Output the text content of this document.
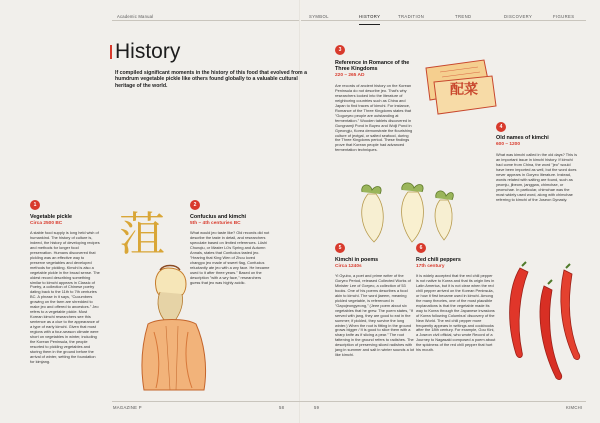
Academic Manual	SYMBOL	HISTORY	TRADITION	TREND	DISCOVERY	FIGURES
History

If compiled significant moments in the history of this food that evolved from a humdrum vegetable pickle like others found globally to a valuable cultural heritage of the world.

1
Vegetable pickle
Circa 2500 BC
A stable food supply is long held wish of humankind. The history of culture is, indeed, the history of developing recipes and methods for longer food preservation. Humans discovered that pickling was an effective way to preserve vegetables and developed methods for pickling. Kimchi is also a vegetable pickle in the broad sense. The oldest record describing something similar to kimchi appears in Classic of Poetry, a collection of Chinese poetry dating back to the 11th to 7th centuries BC. A phrase in it says, "Cucumbers growing on the farm are shredded to make jeo and offered to ancestors." Jeo refers to a vegetable pickle. Most Korean kimchi researchers see this sentence as a clue to the appearance of a type of early kimchi. Given that most regions with a four-season climate were short on vegetables in winter, including the Korean Peninsula, the people resorted to pickling vegetables and storing them in the ground before the arrival of winter, setting the foundation for kimjang.
菹
2
Confucius and kimchi
5th – 4th centuries BC
What would jeo taste like? Old records did not describe the taste in detail, and researchers speculate based on limited references. Lüshi Chunqiu, or Master Lü's Spring and Autumn Annals, states that Confucius tasted jeo. "Hearing that King Wen of Zhou loved changpo jeo made of sweet flag, Confucius reluctantly ate jeo with a wry face. He became used to it after three years." Based on the description "with a wry face," researchers guess that jeo was highly acidic.
3
Reference in Romance of the Three Kingdoms
220 – 265 AD
Are records of ancient history on the Korean Peninsula do not describe jeo. That's why researchers looked into the literature of neighboring countries such as China and Japan to find traces of kimchi. For instance, Romance of the Three Kingdoms states that "Goguryeo people are outstanding at fermentation." Wooden tablets discovered in Gungnamji Pond in Buyeo and Wolji Pond in Gyeongju, Korea demonstrate the flourishing culture of jeotgal, or salted seafood, during the Three Kingdoms period. These findings prove that Korean people had advanced fermentation techniques.
配菜
4
Old names of kimchi
600 – 1200
What was kimchi called in the old days? This is an important issue in kimchi history. If kimchi had come from China, the word "jeo" would have been imported as well, but the word does never appears in Goryeo literature. Instead, words related with salting are found, such as yeomju, jibeom, janggwa, chimchae, or yeomchae. In particular, chimchae was the most widely used word, along with chimchae referring to kimchi of the Joseon Dynasty.
5
Kimchi in poems
Circa 1240s
Yi Gyubo, a poet and prime writer of the Goryeo Period, released Collected Works of Minister Lee of Goryeo, a collection of 53 books. One of his poems describes a food akin to kimchi. The word jiaeem, meaning pickled vegetable, is referenced in "Gapojeongyeong," (Jeee poem about six vegetables that he grew. The poem states, "If served with jang, they are good to eat in the summer; if pickled, they survive the long winter.) When the root is fitting in the ground grows bigger / It is good to slice them with a sharp knife as if slicing a pear." The root fattening in the ground refers to radishes. The description of preserving sliced radishes with jang in summer and salt in winter sounds a lot like kimchi.
6
Red chili peppers
17th century
It is widely accepted that the red chili pepper is not native to Korea and that its origin lies in Latin America, but it is not clear when the red chili pepper arrived on the Korean Peninsula, or how it first became used in kimchi. Among the many theories, one of the most plausible explanations is that the vegetable made its way to Korea through the Japanese invasions of Korea following Columbus' discovery of the New World. The red chili pepper more frequently appears in writings and cookbooks after the 18th century. For example, Gou Kini, a Joseon civil official, who wrote Record of a Journey to Nagasaki composed a poem about the spiciness of the red chili pepper that hurt his mouth.
MAGAZINE P	58	59	KIMCHI
